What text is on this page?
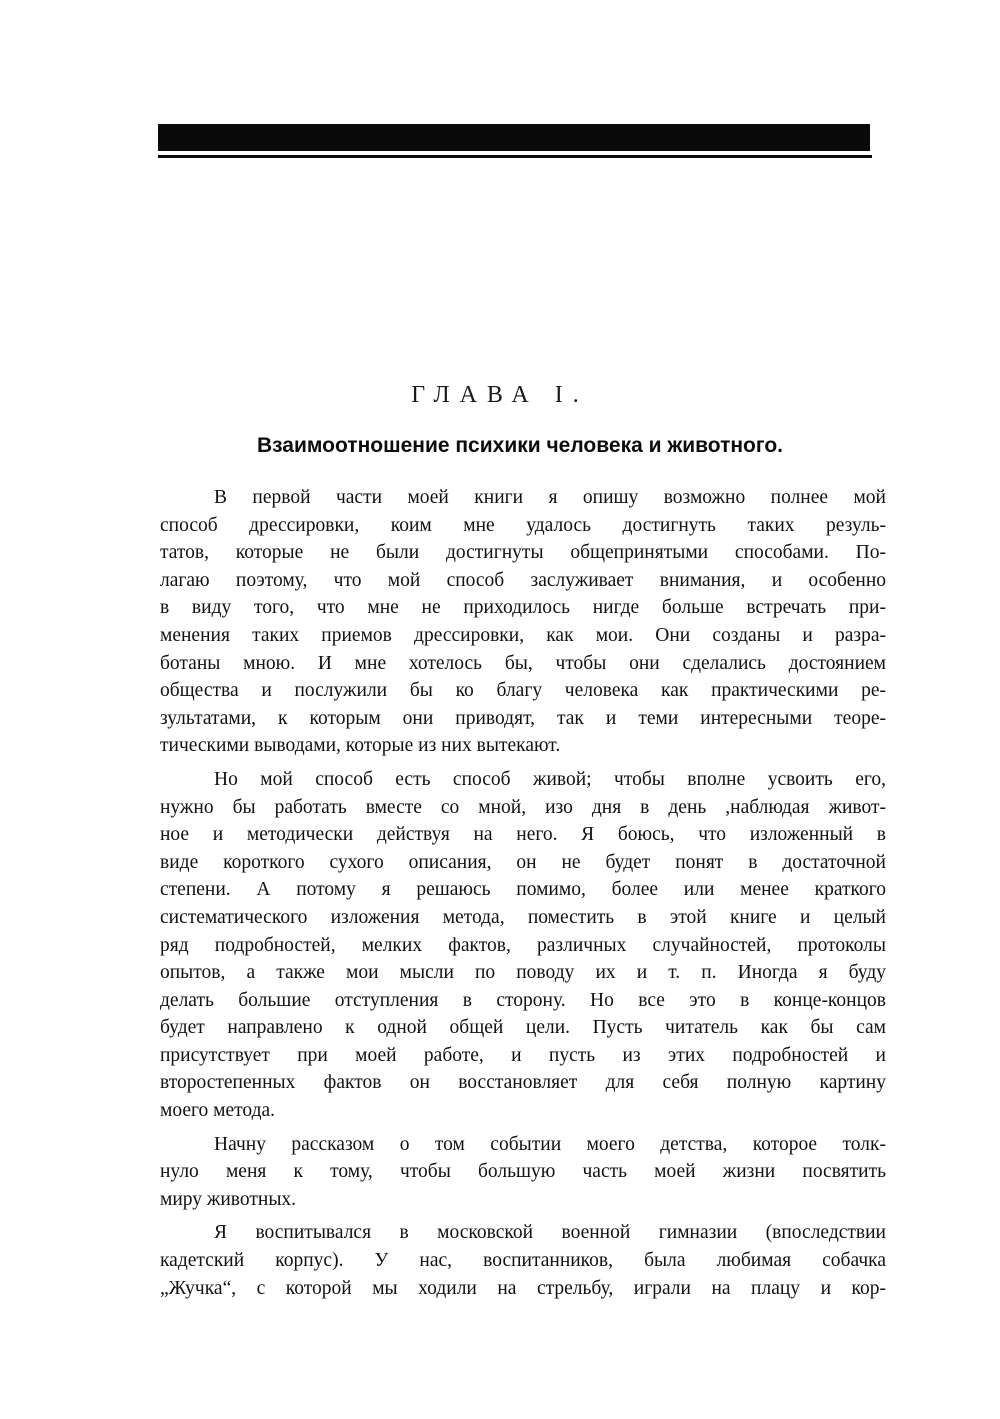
ГЛАВА I.
Взаимоотношение психики человека и животного.

В первой части моей книги я опишу возможно полнее мой
способ дрессировки, коим мне удалось достигнуть таких резуль-
татов, которые не были достигнуты общепринятыми способами. По-
лагаю поэтому, что мой способ заслуживает внимания, и особенно
в виду того, что мне не приходилось нигде больше встречать при-
менения таких приемов дрессировки, как мои. Они созданы и разра-
ботаны мною. И мне хотелось бы, чтобы они сделались достоянием
общества и послужили бы ко благу человека как практическими ре-
зультатами, к которым они приводят, так и теми интересными теоре-
тическими выводами, которые из них вытекают.

Но мой способ есть способ живой; чтобы вполне усвоить его,
нужно бы работать вместе со мной, изо дня в день ,наблюдая живот-
ное и методически действуя на него. Я боюсь, что изложенный в
виде короткого сухого описания, он не будет понят в достаточной
степени. А потому я решаюсь помимо, более или менее краткого
систематического изложения метода, поместить в этой книге и целый
ряд подробностей, мелких фактов, различных случайностей, протоколы
опытов, а также мои мысли по поводу их и т. п. Иногда я буду
делать большие отступления в сторону. Но все это в конце-концов
будет направлено к одной общей цели. Пусть читатель как бы сам
присутствует при моей работе, и пусть из этих подробностей и
второстепенных фактов он восстановляет для себя полную картину
моего метода.

Начну рассказом о том событии моего детства, которое толк-
нуло меня к тому, чтобы большую часть моей жизни посвятить
миру животных.

Я воспитывался в московской военной гимназии (впоследствии
кадетский корпус). У нас, воспитанников, была любимая собачка
„Жучка“, с которой мы ходили на стрельбу, играли на плацу и кор-
